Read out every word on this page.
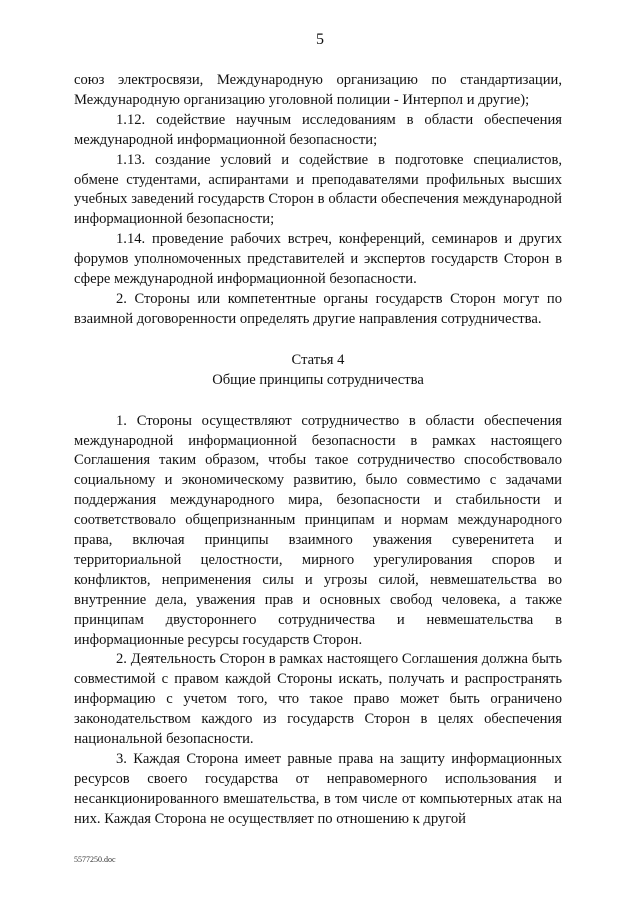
5

союз электросвязи, Международную организацию по стандартизации, Международную организацию уголовной полиции - Интерпол и другие);

1.12. содействие научным исследованиям в области обеспечения международной информационной безопасности;

1.13. создание условий и содействие в подготовке специалистов, обмене студентами, аспирантами и преподавателями профильных высших учебных заведений государств Сторон в области обеспечения международной информационной безопасности;

1.14. проведение рабочих встреч, конференций, семинаров и других форумов уполномоченных представителей и экспертов государств Сторон в сфере международной информационной безопасности.

2. Стороны или компетентные органы государств Сторон могут по взаимной договоренности определять другие направления сотрудничества.

Статья 4

Общие принципы сотрудничества

1. Стороны осуществляют сотрудничество в области обеспечения международной информационной безопасности в рамках настоящего Соглашения таким образом, чтобы такое сотрудничество способствовало социальному и экономическому развитию, было совместимо с задачами поддержания международного мира, безопасности и стабильности и соответствовало общепризнанным принципам и нормам международного права, включая принципы взаимного уважения суверенитета и территориальной целостности, мирного урегулирования споров и конфликтов, неприменения силы и угрозы силой, невмешательства во внутренние дела, уважения прав и основных свобод человека, а также принципам двустороннего сотрудничества и невмешательства в информационные ресурсы государств Сторон.

2. Деятельность Сторон в рамках настоящего Соглашения должна быть совместимой с правом каждой Стороны искать, получать и распространять информацию с учетом того, что такое право может быть ограничено законодательством каждого из государств Сторон в целях обеспечения национальной безопасности.

3. Каждая Сторона имеет равные права на защиту информационных ресурсов своего государства от неправомерного использования и несанкционированного вмешательства, в том числе от компьютерных атак на них. Каждая Сторона не осуществляет по отношению к другой

5577250.doc
